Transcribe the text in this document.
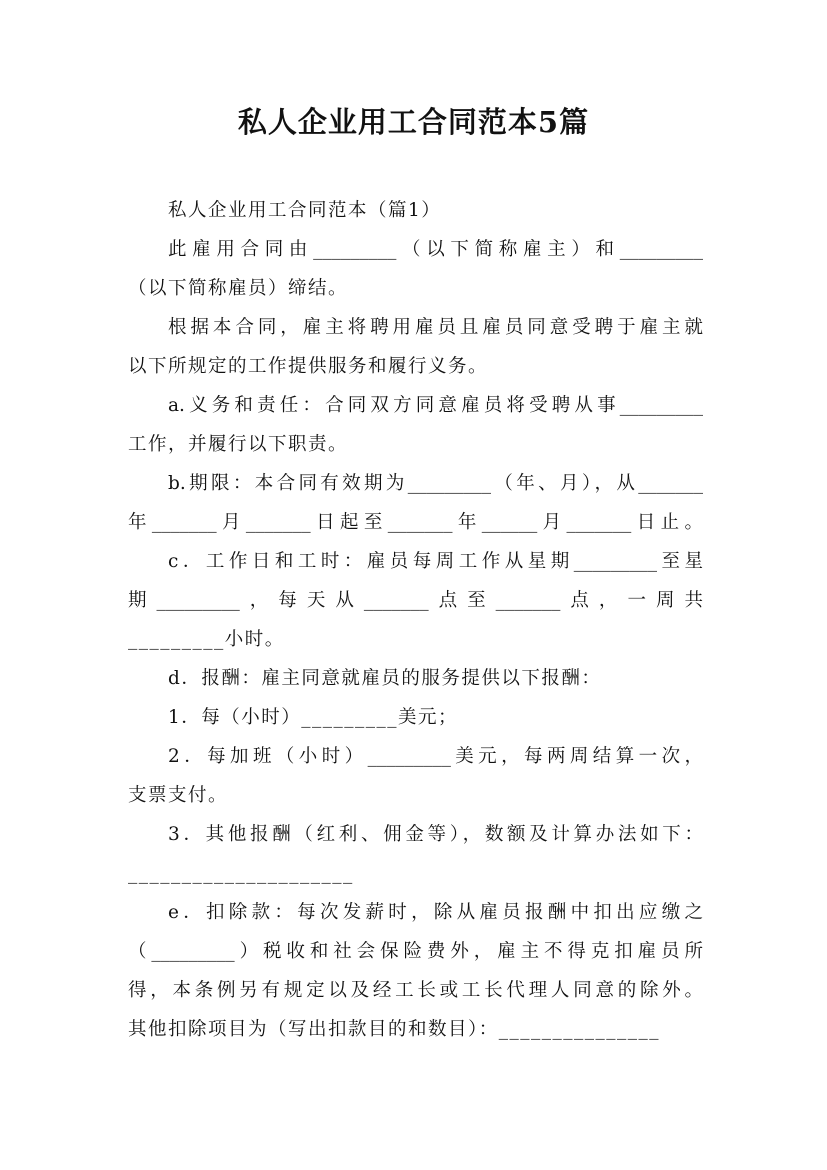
私人企业用工合同范本5篇
私人企业用工合同范本（篇1）
此雇用合同由_________（以下简称雇主）和_________
（以下简称雇员）缔结。
根据本合同，雇主将聘用雇员且雇员同意受聘于雇主就
以下所规定的工作提供服务和履行义务。
a.义务和责任：合同双方同意雇员将受聘从事_________
工作，并履行以下职责。
b.期限：本合同有效期为_________（年、月），从_______
年_______月_______日起至_______年______月_______日止。
c．工作日和工时：雇员每周工作从星期_________至星
期_________，每天从_______点至_______点，一周共
_________小时。
d．报酬：雇主同意就雇员的服务提供以下报酬：
1．每（小时）_________美元；
2．每加班（小时）_________美元，每两周结算一次，
支票支付。
3．其他报酬（红利、佣金等），数额及计算办法如下：
_____________________
e．扣除款：每次发薪时，除从雇员报酬中扣出应缴之
（_________）税收和社会保险费外，雇主不得克扣雇员所
得，本条例另有规定以及经工长或工长代理人同意的除外。
其他扣除项目为（写出扣款目的和数目）：_______________
